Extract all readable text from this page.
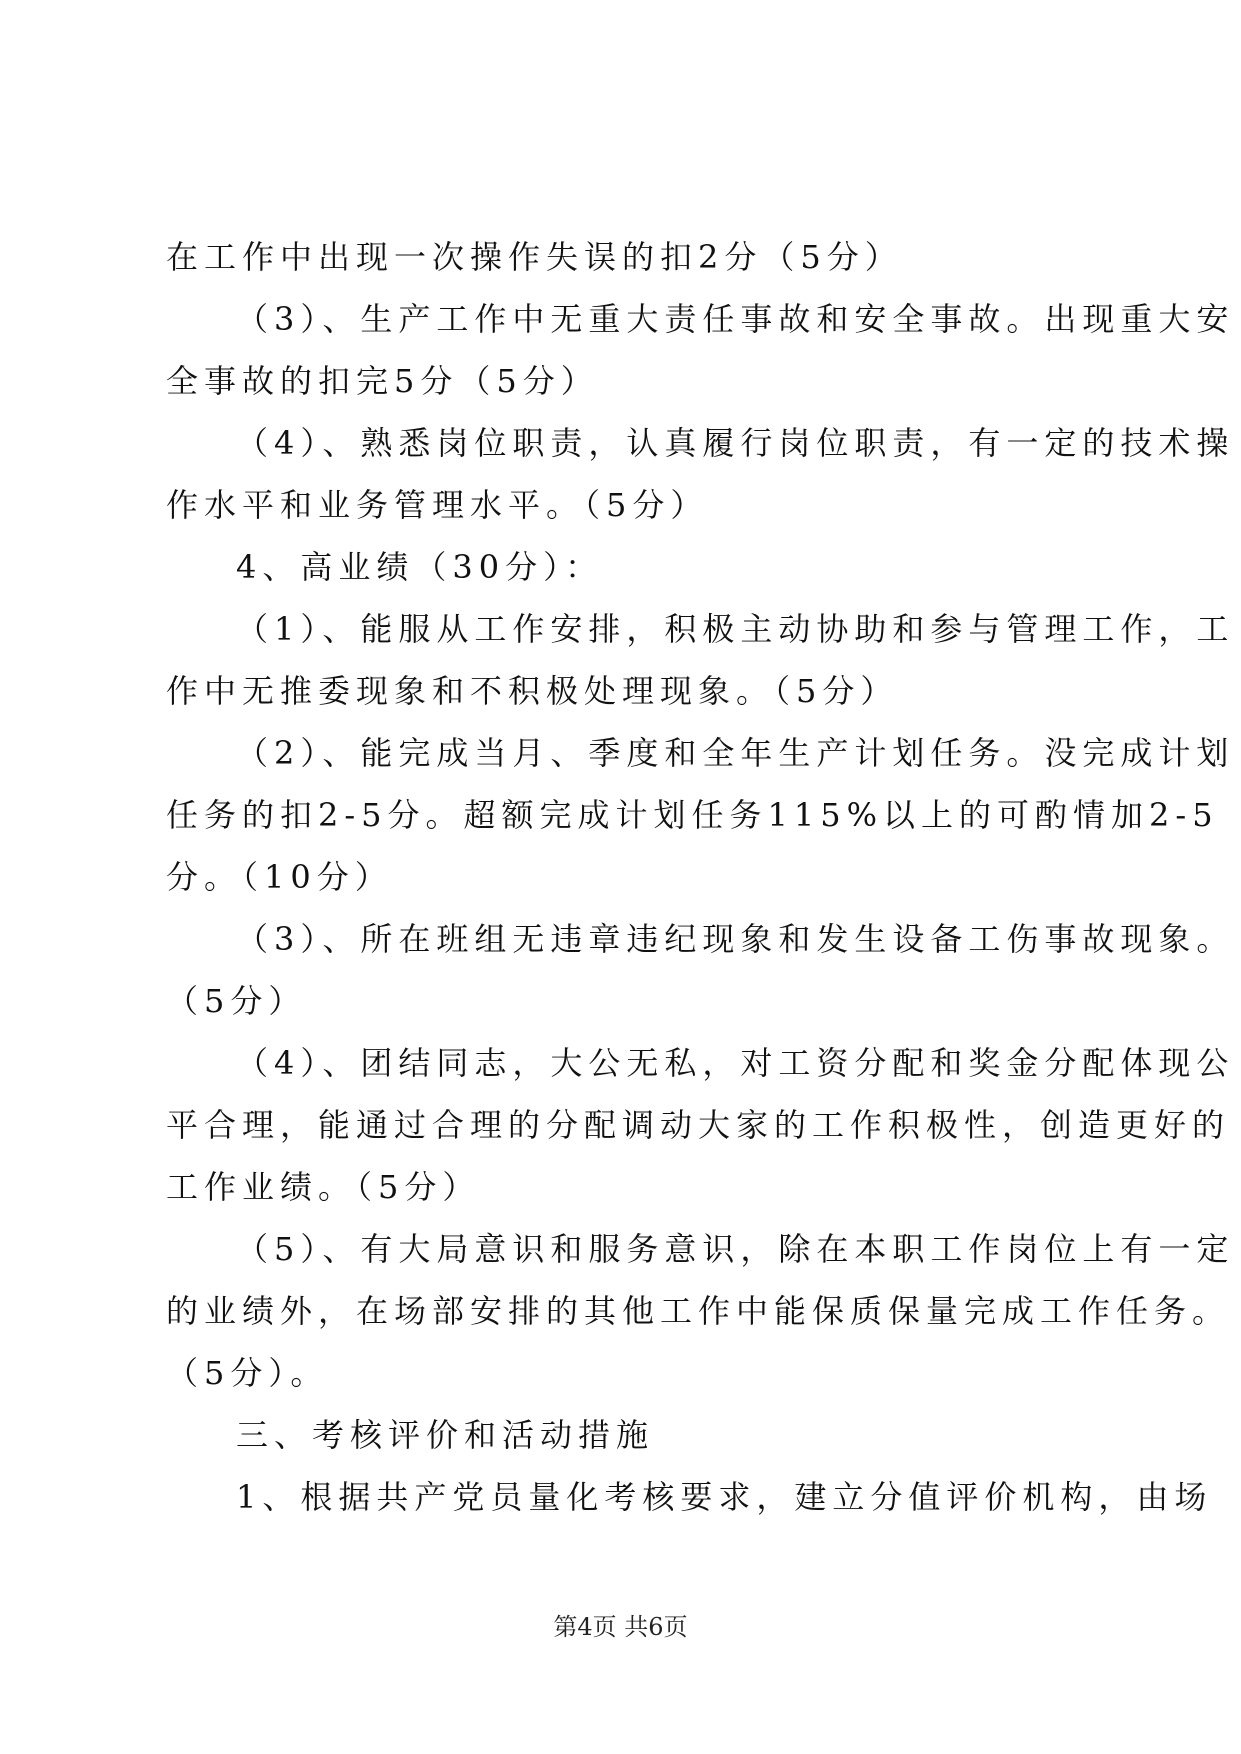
在工作中出现一次操作失误的扣2分（5分）
（3）、生产工作中无重大责任事故和安全事故。出现重大安
全事故的扣完5分（5分）
（4）、熟悉岗位职责，认真履行岗位职责，有一定的技术操
作水平和业务管理水平。（5分）
4、高业绩（30分）：
（1）、能服从工作安排，积极主动协助和参与管理工作，工
作中无推委现象和不积极处理现象。（5分）
（2）、能完成当月、季度和全年生产计划任务。没完成计划
任务的扣2-5分。超额完成计划任务115%以上的可酌情加2-5
分。（10分）
（3）、所在班组无违章违纪现象和发生设备工伤事故现象。
（5分）
（4）、团结同志，大公无私，对工资分配和奖金分配体现公
平合理，能通过合理的分配调动大家的工作积极性，创造更好的
工作业绩。（5分）
（5）、有大局意识和服务意识，除在本职工作岗位上有一定
的业绩外，在场部安排的其他工作中能保质保量完成工作任务。
（5分）。
三、考核评价和活动措施
1、根据共产党员量化考核要求，建立分值评价机构，由场
第4页 共6页
